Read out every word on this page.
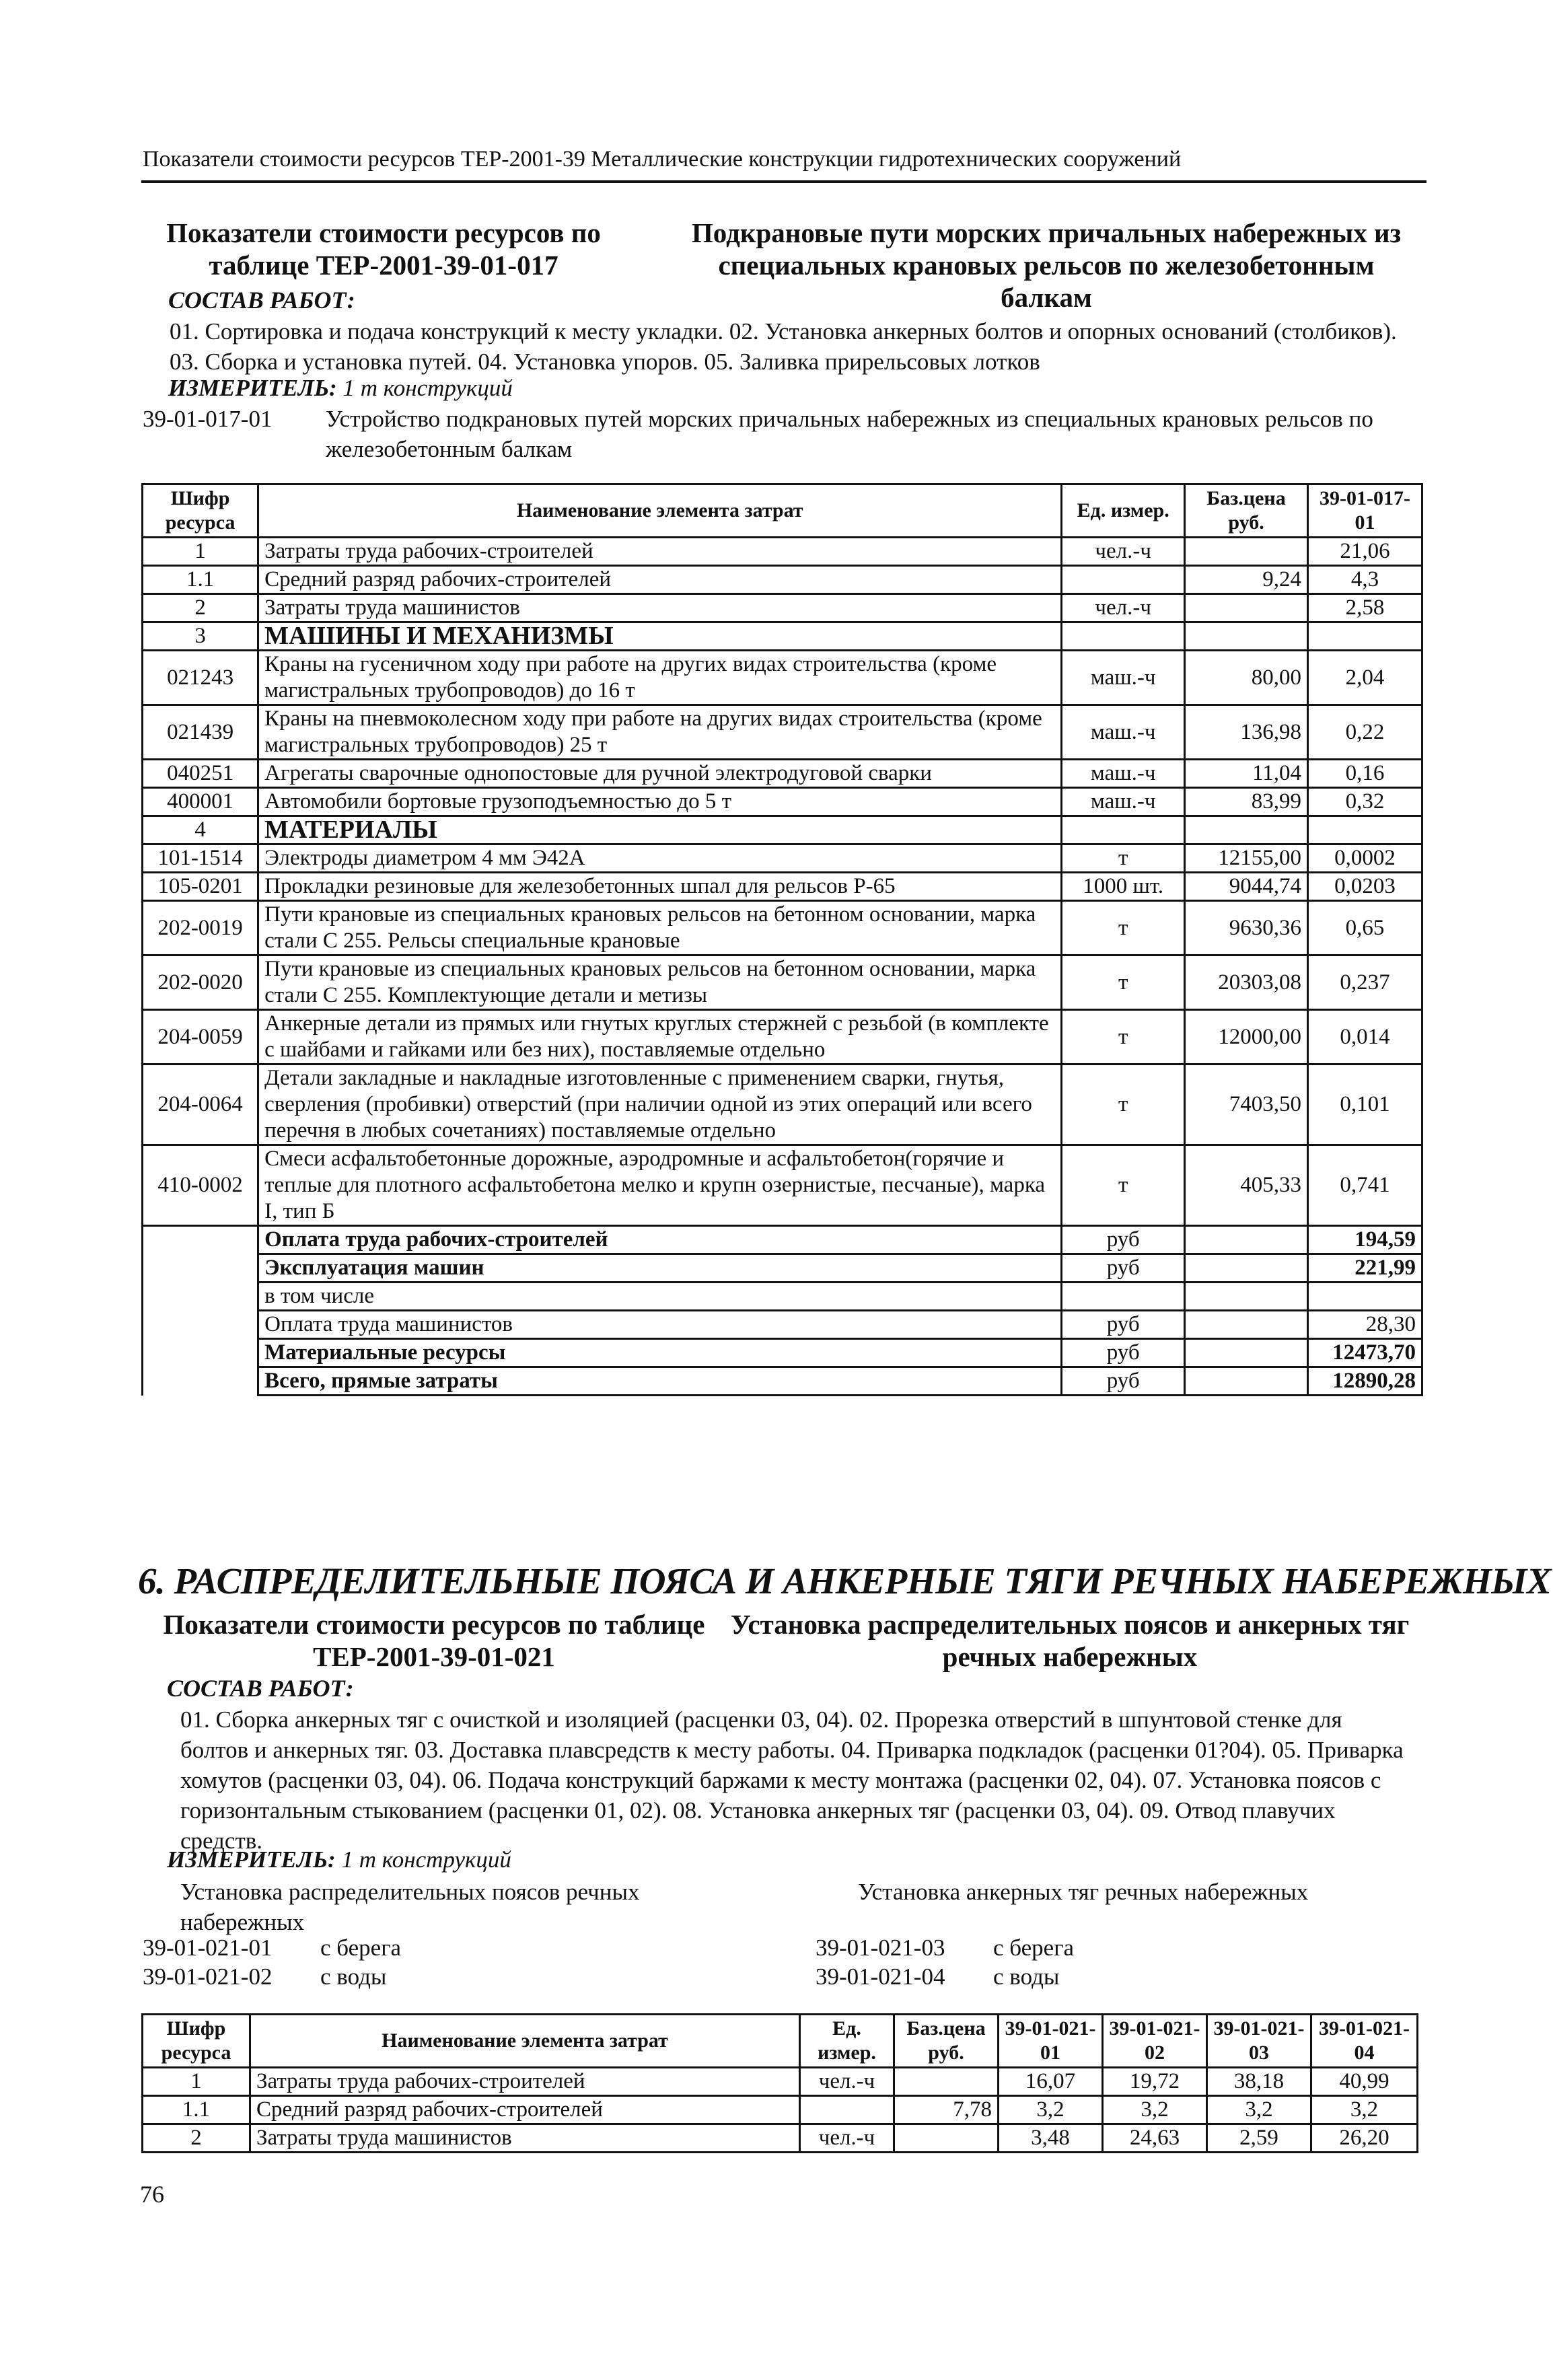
Показатели стоимости ресурсов ТЕР-2001-39 Металлические конструкции гидротехнических сооружений
Показатели стоимости ресурсов по таблице ТЕР-2001-39-01-017
Подкрановые пути морских причальных набережных из специальных крановых рельсов по железобетонным балкам
СОСТАВ РАБОТ:
01. Сортировка и подача конструкций к месту укладки. 02. Установка анкерных болтов и опорных оснований (столбиков). 03. Сборка и установка путей. 04. Установка упоров. 05. Заливка прирельсовых лотков
ИЗМЕРИТЕЛЬ: 1 т конструкций
39-01-017-01 Устройство подкрановых путей морских причальных набережных из специальных крановых рельсов по железобетонным балкам
Шифр ресурса	Наименование элемента затрат	Ед. измер.	Баз.цена руб.	39-01-017-01
1	Затраты труда рабочих-строителей	чел.-ч		21,06
1.1	Средний разряд рабочих-строителей		9,24	4,3
2	Затраты труда машинистов	чел.-ч		2,58
3	МАШИНЫ И МЕХАНИЗМЫ			
021243	Краны на гусеничном ходу при работе на других видах строительства (кроме магистральных трубопроводов) до 16 т	маш.-ч	80,00	2,04
021439	Краны на пневмоколесном ходу при работе на других видах строительства (кроме магистральных трубопроводов) 25 т	маш.-ч	136,98	0,22
040251	Агрегаты сварочные однопостовые для ручной электродуговой сварки	маш.-ч	11,04	0,16
400001	Автомобили бортовые грузоподъемностью до 5 т	маш.-ч	83,99	0,32
4	МАТЕРИАЛЫ			
101-1514	Электроды диаметром 4 мм Э42А	т	12155,00	0,0002
105-0201	Прокладки резиновые для железобетонных шпал для рельсов Р-65	1000 шт.	9044,74	0,0203
202-0019	Пути крановые из специальных крановых рельсов на бетонном основании, марка стали С 255. Рельсы специальные крановые	т	9630,36	0,65
202-0020	Пути крановые из специальных крановых рельсов на бетонном основании, марка стали С 255. Комплектующие детали и метизы	т	20303,08	0,237
204-0059	Анкерные детали из прямых или гнутых круглых стержней с резьбой (в комплекте с шайбами и гайками или без них), поставляемые отдельно	т	12000,00	0,014
204-0064	Детали закладные и накладные изготовленные с применением сварки, гнутья, сверления (пробивки) отверстий (при наличии одной из этих операций или всего перечня в любых сочетаниях) поставляемые отдельно	т	7403,50	0,101
410-0002	Смеси асфальтобетонные дорожные, аэродромные и асфальтобетон(горячие и теплые для плотного асфальтобетона мелко и крупн озернистые, песчаные), марка I, тип Б	т	405,33	0,741
	Оплата труда рабочих-строителей	руб		194,59
	Эксплуатация машин	руб		221,99
	в том числе			
	Оплата труда машинистов	руб		28,30
	Материальные ресурсы	руб		12473,70
	Всего, прямые затраты	руб		12890,28
6. РАСПРЕДЕЛИТЕЛЬНЫЕ ПОЯСА И АНКЕРНЫЕ ТЯГИ РЕЧНЫХ НАБЕРЕЖНЫХ
Показатели стоимости ресурсов по таблице ТЕР-2001-39-01-021
Установка распределительных поясов и анкерных тяг речных набережных
СОСТАВ РАБОТ:
01. Сборка анкерных тяг с очисткой и изоляцией (расценки 03, 04). 02. Прорезка отверстий в шпунтовой стенке для болтов и анкерных тяг. 03. Доставка плавсредств к месту работы. 04. Приварка подкладок (расценки 01?04). 05. Приварка хомутов (расценки 03, 04). 06. Подача конструкций баржами к месту монтажа (расценки 02, 04). 07. Установка поясов с горизонтальным стыкованием (расценки 01, 02). 08. Установка анкерных тяг (расценки 03, 04). 09. Отвод плавучих средств.
ИЗМЕРИТЕЛЬ: 1 т конструкций
Установка распределительных поясов речных набережных
Установка анкерных тяг речных набережных
39-01-021-01 с берега
39-01-021-02 с воды
39-01-021-03 с берега
39-01-021-04 с воды
Шифр ресурса	Наименование элемента затрат	Ед. измер.	Баз.цена руб.	39-01-021-01	39-01-021-02	39-01-021-03	39-01-021-04
1	Затраты труда рабочих-строителей	чел.-ч		16,07	19,72	38,18	40,99
1.1	Средний разряд рабочих-строителей		7,78	3,2	3,2	3,2	3,2
2	Затраты труда машинистов	чел.-ч		3,48	24,63	2,59	26,20
76
